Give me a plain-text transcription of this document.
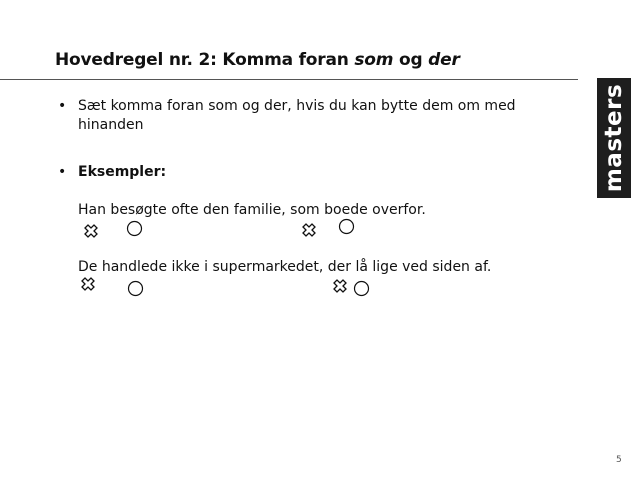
Hovedregel nr. 2: Komma foran som og der
masters
• Sæt komma foran som og der, hvis du kan bytte dem om med
hinanden
• Eksempler:
Han besøgte ofte den familie, som boede overfor.
De handlede ikke i supermarkedet, der lå lige ved siden af.
5
